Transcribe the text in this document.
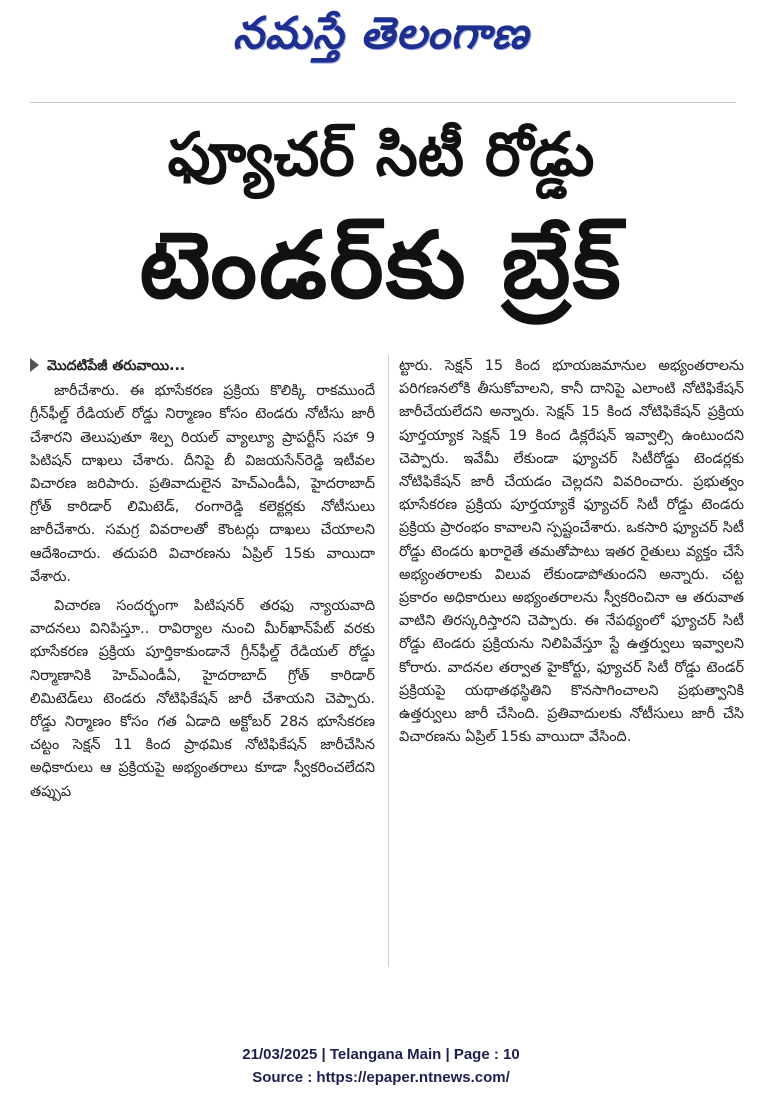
నమస్తే తెలంగాణ
ఫ్యూచర్ సిటీ రోడ్డు
టెండర్‌కు బ్రేక్
మొదటిపేజీ తరువాయి...

జారీచేశారు. ఈ భూసేకరణ ప్రక్రియ కొలిక్కి రాకముందే గ్రీన్‌ఫీల్డ్ రేడియల్ రోడ్డు నిర్మాణం కోసం టెండరు నోటీసు జారీ చేశారని తెలుపుతూ శిల్ప రియల్ వ్యాల్యూ ప్రాపర్టీస్ సహా 9 పిటిషన్ దాఖలు చేశారు. దీనిపై బీ విజయసేన్‌రెడ్డి ఇటీవల విచారణ జరిపారు. ప్రతివాదులైన హెచ్‌ఎండీఏ, హైదరాబాద్ గ్రోత్ కారిడార్ లిమిటెడ్, రంగారెడ్డి కలెక్టర్లకు నోటీసులు జారీచేశారు. సమగ్ర వివరాలతో కౌంటర్లు దాఖలు చేయాలని ఆదేశించారు. తదుపరి విచారణను ఏప్రిల్ 15కు వాయిదా వేశారు.

విచారణ సందర్భంగా పిటిషనర్ తరఫు న్యాయవాది వాదనలు వినిపిస్తూ.. రావిర్యాల నుంచి మీర్‌ఖాన్‌పేట్ వరకు భూసేకరణ ప్రక్రియ పూర్తికాకుండానే గ్రీన్‌ఫీల్డ్ రేడియల్ రోడ్డు నిర్మాణానికి హెచ్‌ఎండీఏ, హైదరాబాద్ గ్రోత్ కారిడార్ లిమిటెడ్‌లు టెండరు నోటిఫికేషన్ జారీ చేశాయని చెప్పారు. రోడ్డు నిర్మాణం కోసం గత ఏడాది అక్టోబర్ 28న భూసేకరణ చట్టం సెక్షన్ 11 కింద ప్రాథమిక నోటిఫికేషన్ జారీచేసిన అధికారులు ఆ ప్రక్రియపై అభ్యంతరాలు కూడా స్వీకరించలేదని తప్పుప

ట్టారు. సెక్షన్ 15 కింద భూయజమానుల అభ్యంతరాలను పరిగణనలోకి తీసుకోవాలని, కానీ దానిపై ఎలాంటి నోటిఫికేషన్ జారీచేయలేదని అన్నారు. సెక్షన్ 15 కింద నోటిఫికేషన్ ప్రక్రియ పూర్తయ్యాక సెక్షన్ 19 కింద డిక్లరేషన్ ఇవ్వాల్సి ఉంటుందని చెప్పారు. ఇవేమీ లేకుండా ఫ్యూచర్ సిటీరోడ్డు టెండర్లకు నోటిఫికేషన్ జారీ చేయడం చెల్లదని వివరించారు. ప్రభుత్వం భూసేకరణ ప్రక్రియ పూర్తయ్యాకే ఫ్యూచర్ సిటీ రోడ్డు టెండరు ప్రక్రియ ప్రారంభం కావాలని స్పష్టంచేశారు. ఒకసారి ఫ్యూచర్ సిటీ రోడ్డు టెండరు ఖరారైతే తమతోపాటు ఇతర రైతులు వ్యక్తం చేసే అభ్యంతరాలకు విలువ లేకుండాపోతుందని అన్నారు. చట్ట ప్రకారం అధికారులు అభ్యంతరాలను స్వీకరించినా ఆ తరువాత వాటిని తిరస్కరిస్తారని చెప్పారు. ఈ నేపథ్యంలో ఫ్యూచర్ సిటీ రోడ్డు టెండరు ప్రక్రియను నిలిపివేస్తూ స్టే ఉత్తర్వులు ఇవ్వాలని కోరారు. వాదనల తర్వాత హైకోర్టు, ఫ్యూచర్ సిటీ రోడ్డు టెండర్ ప్రక్రియపై యథాతథస్థితిని కొనసాగించాలని ప్రభుత్వానికి ఉత్తర్వులు జారీ చేసింది. ప్రతివాదులకు నోటీసులు జారీ చేసి విచారణను ఏప్రిల్ 15కు వాయిదా వేసింది.

21/03/2025 | Telangana Main | Page : 10
Source : https://epaper.ntnews.com/
